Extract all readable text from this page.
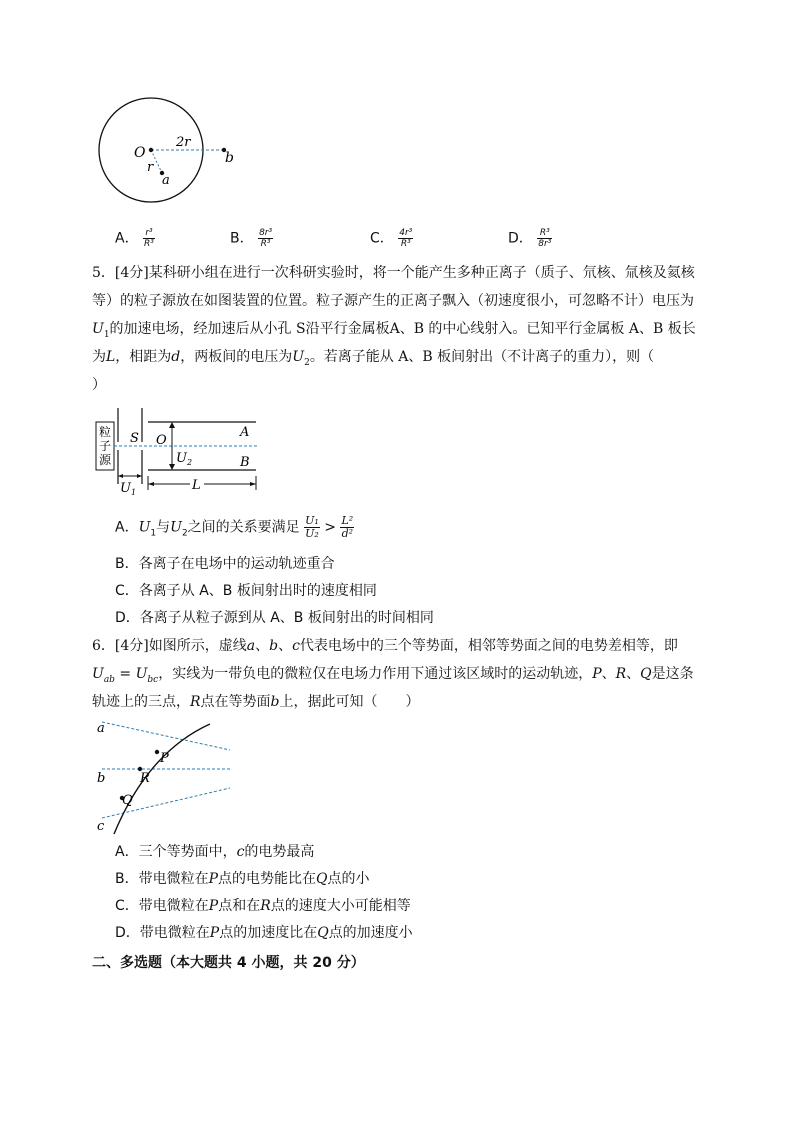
O
r
a
b
2r
A． $\frac{\text{r³}}{\text{R³}}$	B． $\frac{\text{8r³}}{\text{R³}}$	C． $\frac{\text{4r³}}{\text{R³}}$	D． $\frac{\text{R³}}{\text{8r³}}$
5．[4分]某科研小组在进行一次科研实验时，将一个能产生多种正离子（质子、氘核、氚核及氦核
等）的粒子源放在如图装置的位置。粒子源产生的正离子飘入（初速度很小，可忽略不计）电压为
$U_1$的加速电场，经加速后从小孔 S沿平行金属板A、B 的中心线射入。已知平行金属板 A、B 板长
为L，相距为d，两板间的电压为$U_2$。若离子能从 A、B 板间射出（不计离子的重力），则（
）
粒
子
源
S	A
B
O
$U_2$
$U_1$	L
A．$U_1$与$U_2$之间的关系要满足 $\frac{\text{U₁}}{\text{U₂}} > \frac{\text{L²}}{\text{d²}}$
B．各离子在电场中的运动轨迹重合
C．各离子从 A、B 板间射出时的速度相同
D．各离子从粒子源到从 A、B 板间射出的时间相同
6．[4分]如图所示，虚线a、b、c代表电场中的三个等势面，相邻等势面之间的电势差相等，即
$U_{ab} = U_{bc}$，实线为一带负电的微粒仅在电场力作用下通过该区域时的运动轨迹，P、R、Q是这条
轨迹上的三点，R点在等势面b上，据此可知（　　）
a
b
c
P
R
Q
A．三个等势面中，c的电势最高
B．带电微粒在P点的电势能比在Q点的小
C．带电微粒在P点和在R点的速度大小可能相等
D．带电微粒在P点的加速度比在Q点的加速度小
二、多选题（本大题共 4 小题，共 20 分）
